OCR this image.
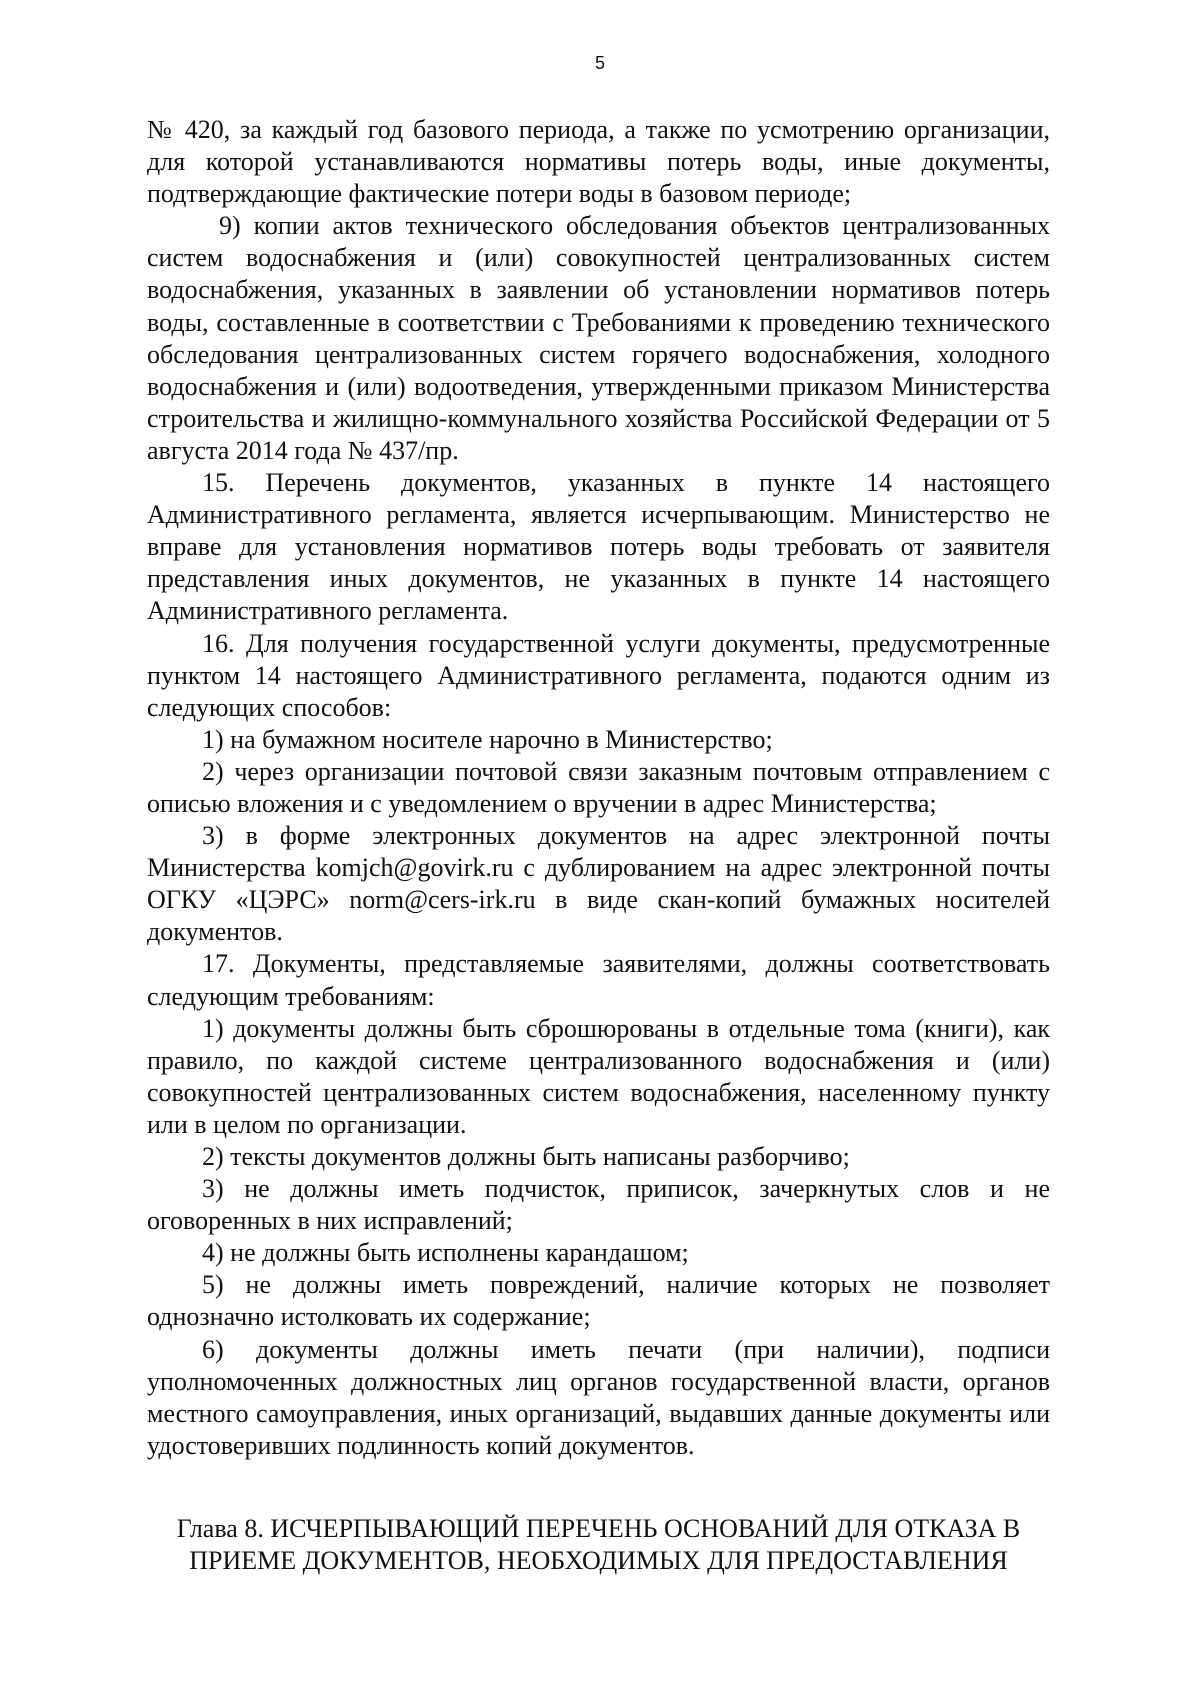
5

№ 420, за каждый год базового периода, а также по усмотрению организации, для которой устанавливаются нормативы потерь воды, иные документы, подтверждающие фактические потери воды в базовом периоде;

9) копии актов технического обследования объектов централизованных систем водоснабжения и (или) совокупностей централизованных систем водоснабжения, указанных в заявлении об установлении нормативов потерь воды, составленные в соответствии с Требованиями к проведению технического обследования централизованных систем горячего водоснабжения, холодного водоснабжения и (или) водоотведения, утвержденными приказом Министерства строительства и жилищно-коммунального хозяйства Российской Федерации от 5 августа 2014 года № 437/пр.

15. Перечень документов, указанных в пункте 14 настоящего Административного регламента, является исчерпывающим. Министерство не вправе для установления нормативов потерь воды требовать от заявителя представления иных документов, не указанных в пункте 14 настоящего Административного регламента.

16. Для получения государственной услуги документы, предусмотренные пунктом 14 настоящего Административного регламента, подаются одним из следующих способов:

1) на бумажном носителе нарочно в Министерство;

2) через организации почтовой связи заказным почтовым отправлением с описью вложения и с уведомлением о вручении в адрес Министерства;

3) в форме электронных документов на адрес электронной почты Министерства komjch@govirk.ru с дублированием на адрес электронной почты ОГКУ «ЦЭРС» norm@cers-irk.ru в виде скан-копий бумажных носителей документов.

17. Документы, представляемые заявителями, должны соответствовать следующим требованиям:

1) документы должны быть сброшюрованы в отдельные тома (книги), как правило, по каждой системе централизованного водоснабжения и (или) совокупностей централизованных систем водоснабжения, населенному пункту или в целом по организации.

2) тексты документов должны быть написаны разборчиво;

3) не должны иметь подчисток, приписок, зачеркнутых слов и не оговоренных в них исправлений;

4) не должны быть исполнены карандашом;

5) не должны иметь повреждений, наличие которых не позволяет однозначно истолковать их содержание;

6) документы должны иметь печати (при наличии), подписи уполномоченных должностных лиц органов государственной власти, органов местного самоуправления, иных организаций, выдавших данные документы или удостоверивших подлинность копий документов.

Глава 8. ИСЧЕРПЫВАЮЩИЙ ПЕРЕЧЕНЬ ОСНОВАНИЙ ДЛЯ ОТКАЗА В
ПРИЕМЕ ДОКУМЕНТОВ, НЕОБХОДИМЫХ ДЛЯ ПРЕДОСТАВЛЕНИЯ
